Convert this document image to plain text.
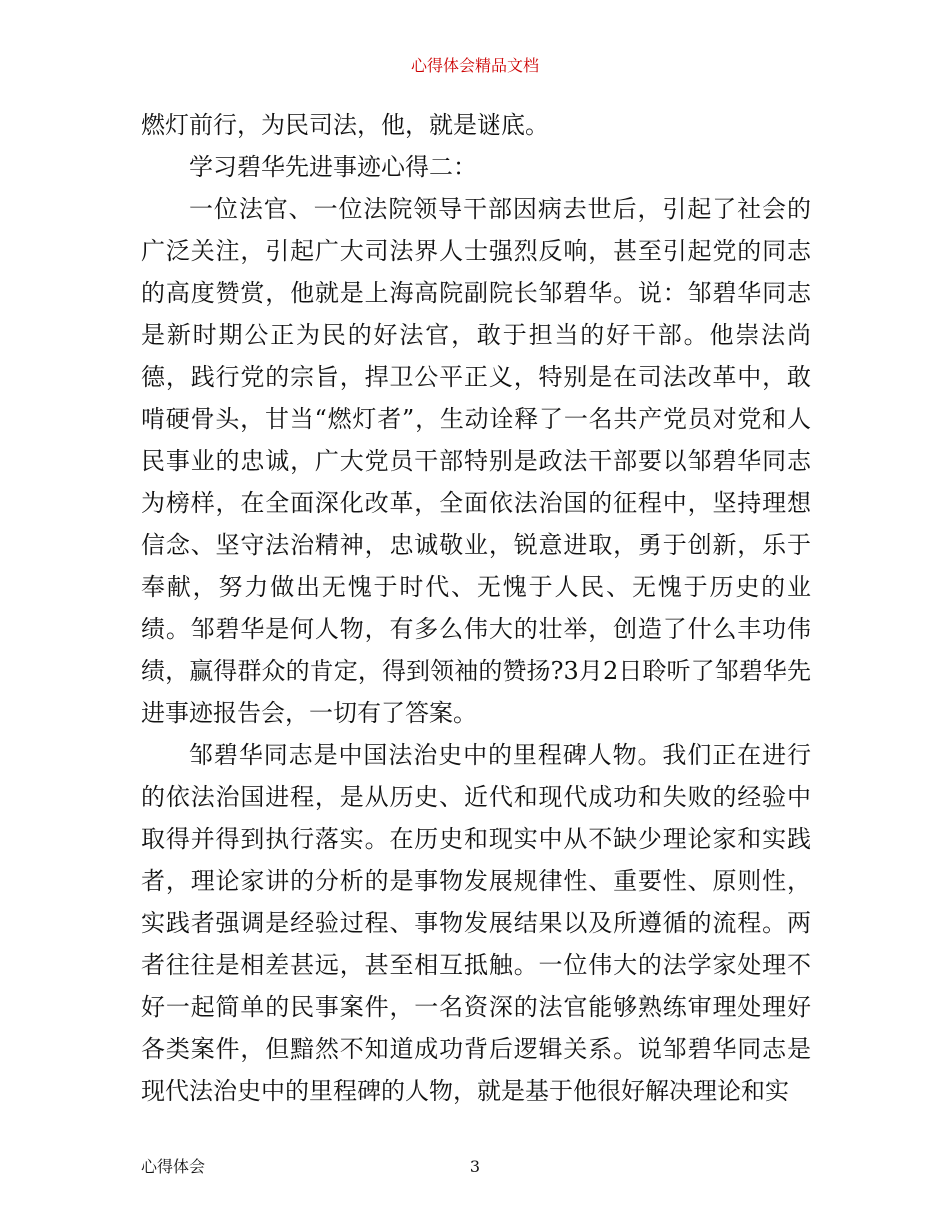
心得体会精品文档

燃灯前行，为民司法，他，就是谜底。

学习碧华先进事迹心得二：

一位法官、一位法院领导干部因病去世后，引起了社会的广泛关注，引起广大司法界人士强烈反响，甚至引起党的同志的高度赞赏，他就是上海高院副院长邹碧华。说：邹碧华同志是新时期公正为民的好法官，敢于担当的好干部。他崇法尚德，践行党的宗旨，捍卫公平正义，特别是在司法改革中，敢啃硬骨头，甘当“燃灯者”，生动诠释了一名共产党员对党和人民事业的忠诚，广大党员干部特别是政法干部要以邹碧华同志为榜样，在全面深化改革，全面依法治国的征程中，坚持理想信念、坚守法治精神，忠诚敬业，锐意进取，勇于创新，乐于奉献，努力做出无愧于时代、无愧于人民、无愧于历史的业绩。邹碧华是何人物，有多么伟大的壮举，创造了什么丰功伟绩，赢得群众的肯定，得到领袖的赞扬?3月2日聆听了邹碧华先进事迹报告会，一切有了答案。

邹碧华同志是中国法治史中的里程碑人物。我们正在进行的依法治国进程，是从历史、近代和现代成功和失败的经验中取得并得到执行落实。在历史和现实中从不缺少理论家和实践者，理论家讲的分析的是事物发展规律性、重要性、原则性，实践者强调是经验过程、事物发展结果以及所遵循的流程。两者往往是相差甚远，甚至相互抵触。一位伟大的法学家处理不好一起简单的民事案件，一名资深的法官能够熟练审理处理好各类案件，但黯然不知道成功背后逻辑关系。说邹碧华同志是现代法治史中的里程碑的人物，就是基于他很好解决理论和实

心得体会	3
